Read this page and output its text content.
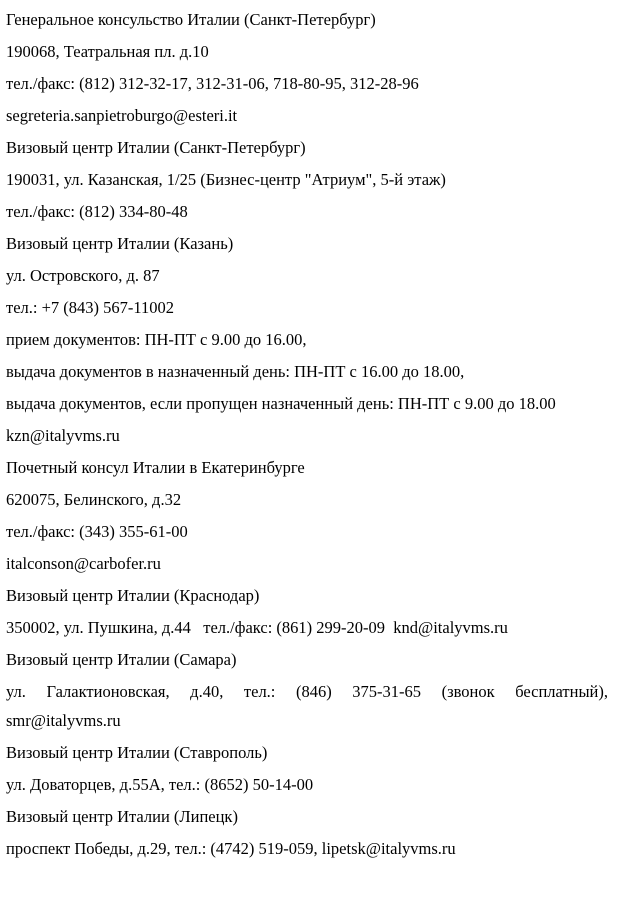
Генеральное консульство Италии (Санкт-Петербург)

190068, Театральная пл. д.10

тел./факс: (812) 312-32-17, 312-31-06, 718-80-95, 312-28-96

segreteria.sanpietroburgo@esteri.it

Визовый центр Италии (Санкт-Петербург)

190031, ул. Казанская, 1/25 (Бизнес-центр "Атриум", 5-й этаж)

тел./факс: (812) 334-80-48

Визовый центр Италии (Казань)

ул. Островского, д. 87

тел.: +7 (843) 567-11002

прием документов: ПН-ПТ с 9.00 до 16.00,

выдача документов в назначенный день: ПН-ПТ с 16.00 до 18.00,

выдача документов, если пропущен назначенный день: ПН-ПТ с 9.00 до 18.00

kzn@italyvms.ru

Почетный консул Италии в Екатеринбурге

620075, Белинского, д.32

тел./факс: (343) 355-61-00

italconson@carbofer.ru

Визовый центр Италии (Краснодар)

350002, ул. Пушкина, д.44   тел./факс: (861) 299-20-09  knd@italyvms.ru

Визовый центр Италии (Самара)

ул. Галактионовская, д.40, тел.: (846) 375-31-65 (звонок бесплатный), smr@italyvms.ru

Визовый центр Италии (Ставрополь)

ул. Доваторцев, д.55А, тел.: (8652) 50-14-00

Визовый центр Италии (Липецк)

проспект Победы, д.29, тел.: (4742) 519-059, lipetsk@italyvms.ru
